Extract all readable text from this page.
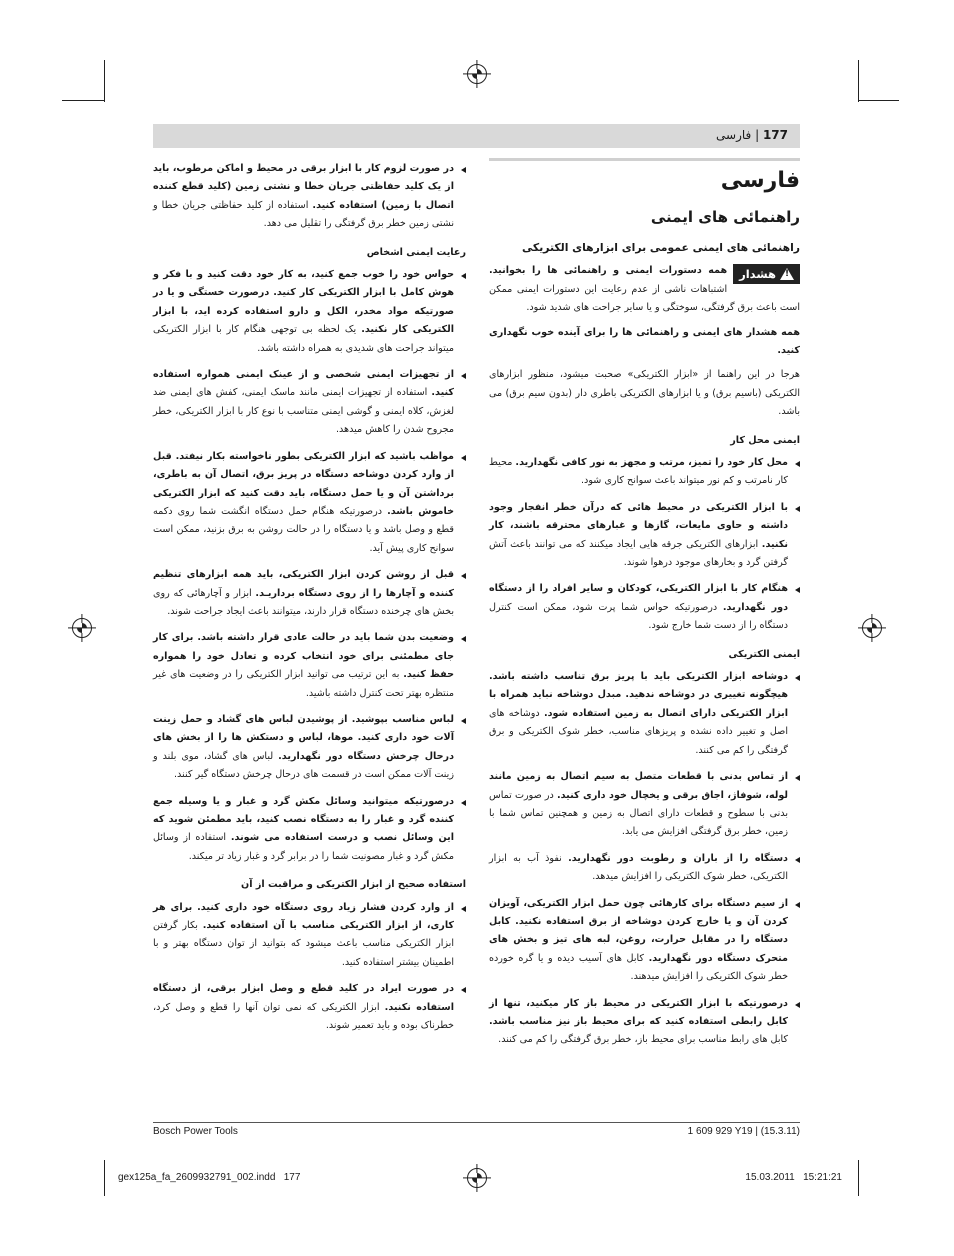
177 | فارسی
فارسی
راهنمائی های ایمنی
راهنمائی های ایمنی عمومی برای ابزارهای الکتریکی
!
هشدار
همه دستورات ایمنی و راهنمائی ها را بخوانید. اشتباهات ناشی از عدم رعایت این دستورات ایمنی ممکن است باعث برق گرفتگی، سوختگی و یا سایر جراحت های شدید شود.
همه هشدار های ایمنی و راهنمائی ها را برای آینده خوب نگهداری کنید.
هرجا در این راهنما از «ابزار الکتریکی» صحبت میشود، منظور ابزارهای الکتریکی (باسیم برق) و یا ابزارهای الکتریکی باطری دار (بدون سیم برق) می باشد.
ایمنی محل کار
محل کار خود را تمیز، مرتب و مجهز به نور کافی نگهدارید. محیط کار نامرتب و کم نور میتواند باعث سوانح کاری شود.
با ابزار الکتریکی در محیط هائی که درآن خطر انفجار وجود داشته و حاوی مایعات، گازها و غبارهای محترقه باشند، کار نکنید. ابزارهای الکتریکی جرقه هایی ایجاد میکنند که می توانند باعث آتش گرفتن گرد و بخارهای موجود درهوا شوند.
هنگام کار با ابزار الکتریکی، کودکان و سایر افراد را از دستگاه دور نگهدارید. درصورتیکه حواس شما پرت شود، ممکن است کنترل دستگاه را از دست شما خارج شود.
ایمنی الکتریکی
دوشاخه ابزار الکتریکی باید با پریز برق تناسب داشته باشد. هیچگونه تغییری در دوشاخه ندهید. مبدل دوشاخه نباید همراه با ابزار الکتریکی دارای اتصال به زمین استفاده شود. دوشاخه های اصل و تغییر داده نشده و پریزهای مناسب، خطر شوک الکتریکی و برق گرفتگی را کم می کنند.
از تماس بدنی با قطعات متصل به سیم اتصال به زمین مانند لوله، شوفاژ، اجاق برقی و یخچال خود داری کنید. در صورت تماس بدنی با سطوح و قطعات دارای اتصال به زمین و همچنین تماس شما با زمین، خطر برق گرفتگی افزایش می یابد.
دستگاه را از باران و رطوبت دور نگهدارید. نفوذ آب به ابزار الکتریکی، خطر شوک الکتریکی را افزایش میدهد.
از سیم دستگاه برای کارهائی چون حمل ابزار الکتریکی، آویزان کردن آن و یا خارج کردن دوشاخه از برق استفاده نکنید. کابل دستگاه را در مقابل حرارت، روغن، لبه های تیز و بخش های متحرک دستگاه دور نگهدارید. کابل های آسیب دیده و یا گره خورده خطر شوک الکتریکی را افزایش میدهند.
درصورتیکه با ابزار الکتریکی در محیط باز کار میکنید، تنها از کابل رابطی استفاده کنید که برای محیط باز نیز مناسب باشد. کابل های رابط مناسب برای محیط باز، خطر برق گرفتگی را کم می کنند.
در صورت لزوم کار با ابزار برقی در محیط و اماکن مرطوب، باید از یک کلید حفاظتی جریان خطا و نشتی زمین (کلید قطع کننده اتصال با زمین) استفاده کنید. استفاده از کلید حفاظتی جریان خطا و نشتی زمین خطر برق گرفتگی را تقلیل می دهد.
رعایت ایمنی اشخاص
حواس خود را خوب جمع کنید، به کار خود دقت کنید و با فکر و هوش کامل با ابزار الکتریکی کار کنید. درصورت خستگی و یا در صورتیکه مواد مخدر، الکل و دارو استفاده کرده اید، با ابزار الکتریکی کار نکنید. یک لحظه بی توجهی هنگام کار با ابزار الکتریکی میتواند جراحت های شدیدی به همراه داشته باشد.
از تجهیزات ایمنی شخصی و از عینک ایمنی همواره استفاده کنید. استفاده از تجهیزات ایمنی مانند ماسک ایمنی، کفش های ایمنی ضد لغزش، کلاه ایمنی و گوشی ایمنی متناسب با نوع کار با ابزار الکتریکی، خطر مجروح شدن را کاهش میدهد.
مواظب باشید که ابزار الکتریکی بطور ناخواسته بکار نیفتد. قبل از وارد کردن دوشاخه دستگاه در پریز برق، اتصال آن به باطری، برداشتن آن و یا حمل دستگاه، باید دقت کنید که ابزار الکتریکی خاموش باشد. درصورتیکه هنگام حمل دستگاه انگشت شما روی دکمه قطع و وصل باشد و یا دستگاه را در حالت روشن به برق بزنید، ممکن است سوانح کاری پیش آید.
قبل از روشن کردن ابزار الکتریکی، باید همه ابزارهای تنظیم کننده و آچارها را از روی دستگاه برداریـد. ابزار و آچارهائی که روی بخش های چرخنده دستگاه قرار دارند، میتوانند باعث ایجاد جراحت شوند.
وضعیت بدن شما باید در حالت عادی قرار داشته باشد. برای کار جای مطمئنی برای خود انتخاب کرده و تعادل خود را همواره حفظ کنید. به این ترتیب می توانید ابزار الکتریکی را در وضعیت های غیر منتظره بهتر تحت کنترل داشته باشید.
لباس مناسب بپوشید. از پوشیدن لباس های گشاد و حمل زینت آلات خود داری کنید. موها، لباس و دستکش ها را از بخش های درحال چرخش دستگاه دور نگهدارید. لباس های گشاد، موی بلند و زینت آلات ممکن است در قسمت های درحال چرخش دستگاه گیر کنند.
درصورتیکه میتوانید وسائل مکش گرد و غبار و یا وسیله جمع کننده گرد و غبار را به دستگاه نصب کنید، باید مطمئن شوید که این وسائل نصب و درست استفاده می شوند. استفاده از وسائل مکش گرد و غبار مصونیت شما را در برابر گرد و غبار زیاد تر میکند.
استفاده صحیح از ابزار الکتریکی و مراقبت از آن
از وارد کردن فشار زیاد روی دستگاه خود داری کنید. برای هر کاری، از ابزار الکتریکی مناسب با آن استفاده کنید. بکار گرفتن ابزار الکتریکی مناسب باعث میشود که بتوانید از توان دستگاه بهتر و با اطمینان بیشتر استفاده کنید.
در صورت ایراد در کلید قطع و وصل ابزار برقی، از دستگاه استفاده نکنید. ابزار الکتریکی که نمی توان آنها را قطع و وصل کرد، خطرناک بوده و باید تعمیر شوند.
Bosch Power Tools	1 609 929 Y19 | (15.3.11)
gex125a_fa_2609932791_002.indd   177	15.03.2011   15:21:21
